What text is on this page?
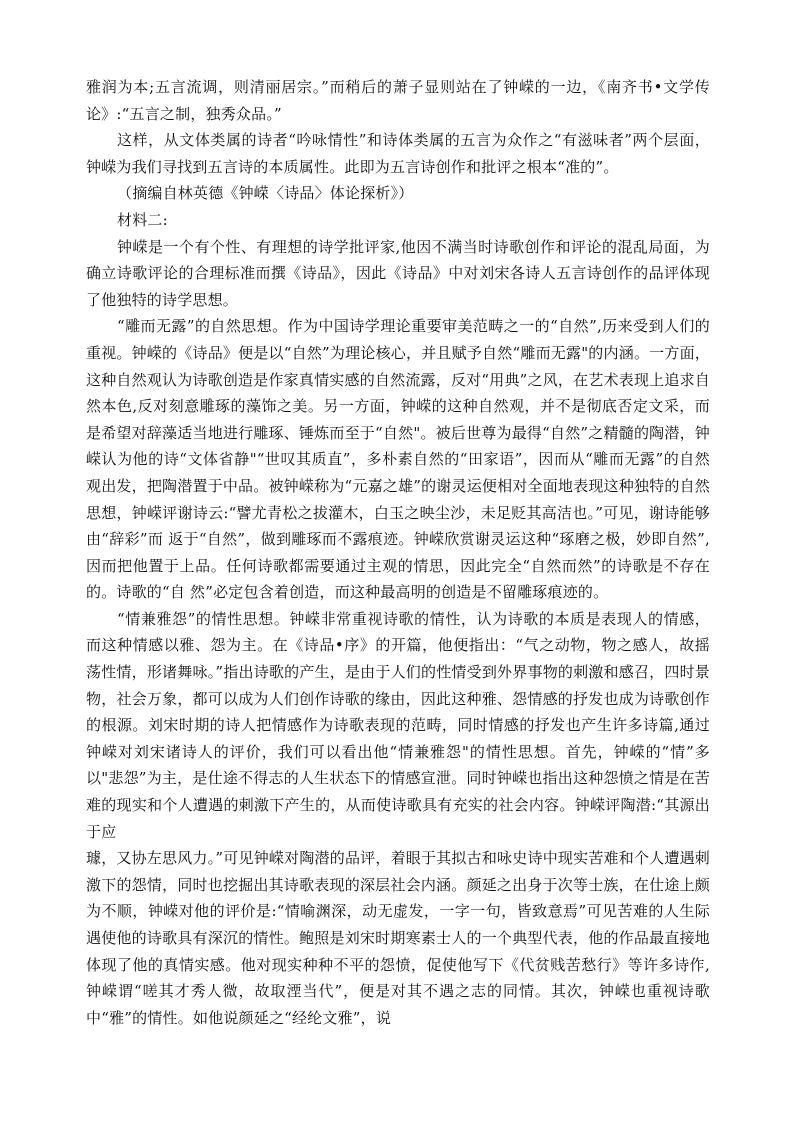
雅润为本;五言流调，则清丽居宗。”而稍后的萧子显则站在了钟嵘的一边，《南齐书•文学传论》:“五言之制，独秀众品。”

这样，从文体类属的诗者“吟咏情性”和诗体类属的五言为众作之“有滋味者”两个层面，钟嵘为我们寻找到五言诗的本质属性。此即为五言诗创作和批评之根本“准的”。

（摘编自林英德《钟嵘〈诗品〉体论探析》）

材料二:

钟嵘是一个有个性、有理想的诗学批评家,他因不满当时诗歌创作和评论的混乱局面，为确立诗歌评论的合理标准而撰《诗品》，因此《诗品》中对刘宋各诗人五言诗创作的品评体现了他独特的诗学思想。

“雕而无露”的自然思想。作为中国诗学理论重要审美范畴之一的“自然”,历来受到人们的重视。钟嵘的《诗品》便是以“自然”为理论核心，并且赋予自然“雕而无露"的内涵。一方面，这种自然观认为诗歌创造是作家真情实感的自然流露，反对“用典”之风，在艺术表现上追求自然本色,反对刻意雕琢的藻饰之美。另一方面，钟嵘的这种自然观，并不是彻底否定文采，而是希望对辞藻适当地进行雕琢、锤炼而至于“自然"。被后世尊为最得“自然”之精髓的陶潜，钟嵘认为他的诗“文体省静"“世叹其质直”，多朴素自然的“田家语”，因而从“雕而无露”的自然观出发，把陶潜置于中品。被钟嵘称为“元嘉之雄”的谢灵运便相对全面地表现这种独特的自然思想，钟嵘评谢诗云:“譬尤青松之拔灌木，白玉之映尘沙，未足贬其高洁也。”可见，谢诗能够由“辞彩”而 返于“自然”，做到雕琢而不露痕迹。钟嵘欣赏谢灵运这种“琢磨之极，妙即自然”,因而把他置于上品。任何诗歌都需要通过主观的情思，因此完全“自然而然”的诗歌是不存在的。诗歌的“自 然”必定包含着创造，而这种最高明的创造是不留雕琢痕迹的。

“情兼雅怨”的情性思想。钟嵘非常重视诗歌的情性，认为诗歌的本质是表现人的情感，而这种情感以雅、怨为主。在《诗品•序》的开篇，他便指出：“气之动物，物之感人，故摇荡性情，形诸舞咏。”指出诗歌的产生，是由于人们的性情受到外界事物的刺激和感召，四时景物，社会万象，都可以成为人们创作诗歌的缘由，因此这种雅、怨情感的抒发也成为诗歌创作的根源。刘宋时期的诗人把情感作为诗歌表现的范畴，同时情感的抒发也产生许多诗篇,通过钟嵘对刘宋诸诗人的评价，我们可以看出他“情兼雅怨"的情性思想。首先，钟嵘的“情”多以"悲怨”为主，是仕途不得志的人生状态下的情感宣泄。同时钟嵘也指出这种怨愤之情是在苦难的现实和个人遭遇的刺激下产生的，从而使诗歌具有充实的社会内容。钟嵘评陶潜:“其源出于应

璩，又协左思风力。”可见钟嵘对陶潜的品评，着眼于其拟古和咏史诗中现实苦难和个人遭遇刺激下的怨情，同时也挖掘出其诗歌表现的深层社会内涵。颜延之出身于次等士族，在仕途上颇为不顺，钟嵘对他的评价是:“情喻渊深，动无虚发，一字一句，皆致意焉”可见苦难的人生际遇使他的诗歌具有深沉的情性。鲍照是刘宋时期寒素士人的一个典型代表，他的作品最直接地体现了他的真情实感。他对现实种种不平的怨愤，促使他写下《代贫贱苦愁行》等许多诗作,钟嵘谓“嗟其才秀人微，故取湮当代”，便是对其不遇之志的同情。其次，钟嵘也重视诗歌中“雅”的情性。如他说颜延之“经纶文雅”，说
